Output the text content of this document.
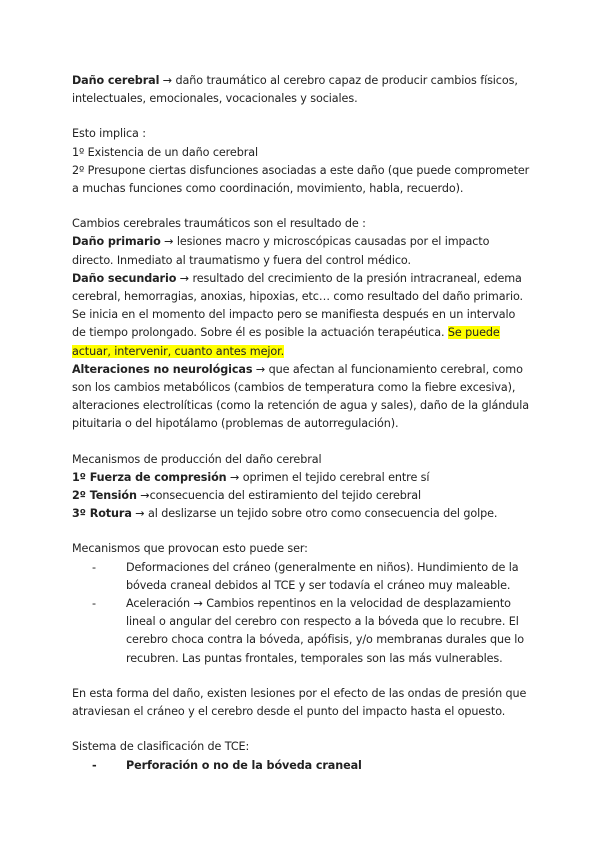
Daño cerebral → daño traumático al cerebro capaz de producir cambios físicos, intelectuales, emocionales, vocacionales y sociales.

Esto implica :

1º Existencia de un daño cerebral

2º Presupone ciertas disfunciones asociadas a este daño (que puede comprometer a muchas funciones como coordinación, movimiento, habla, recuerdo).

Cambios cerebrales traumáticos son el resultado de :

Daño primario → lesiones macro y microscópicas causadas por el impacto directo. Inmediato al traumatismo y fuera del control médico.

Daño secundario → resultado del crecimiento de la presión intracraneal, edema cerebral, hemorragias, anoxias, hipoxias, etc… como resultado del daño primario. Se inicia en el momento del impacto pero se manifiesta después en un intervalo de tiempo prolongado. Sobre él es posible la actuación terapéutica. Se puede actuar, intervenir, cuanto antes mejor.

Alteraciones no neurológicas → que afectan al funcionamiento cerebral, como son los cambios metabólicos (cambios de temperatura como la fiebre excesiva), alteraciones electrolíticas (como la retención de agua y sales), daño de la glándula pituitaria o del hipotálamo (problemas de autorregulación).

Mecanismos de producción del daño cerebral

1º Fuerza de compresión → oprimen el tejido cerebral entre sí

2º Tensión →consecuencia del estiramiento del tejido cerebral

3º Rotura → al deslizarse un tejido sobre otro como consecuencia del golpe.

Mecanismos que provocan esto puede ser:

-	Deformaciones del cráneo (generalmente en niños). Hundimiento de la bóveda craneal debidos al TCE y ser todavía el cráneo muy maleable.
-	Aceleración → Cambios repentinos en la velocidad de desplazamiento lineal o angular del cerebro con respecto a la bóveda que lo recubre. El cerebro choca contra la bóveda, apófisis, y/o membranas durales que lo recubren. Las puntas frontales, temporales son las más vulnerables.

En esta forma del daño, existen lesiones por el efecto de las ondas de presión que atraviesan el cráneo y el cerebro desde el punto del impacto hasta el opuesto.

Sistema de clasificación de TCE:

-	Perforación o no de la bóveda craneal
